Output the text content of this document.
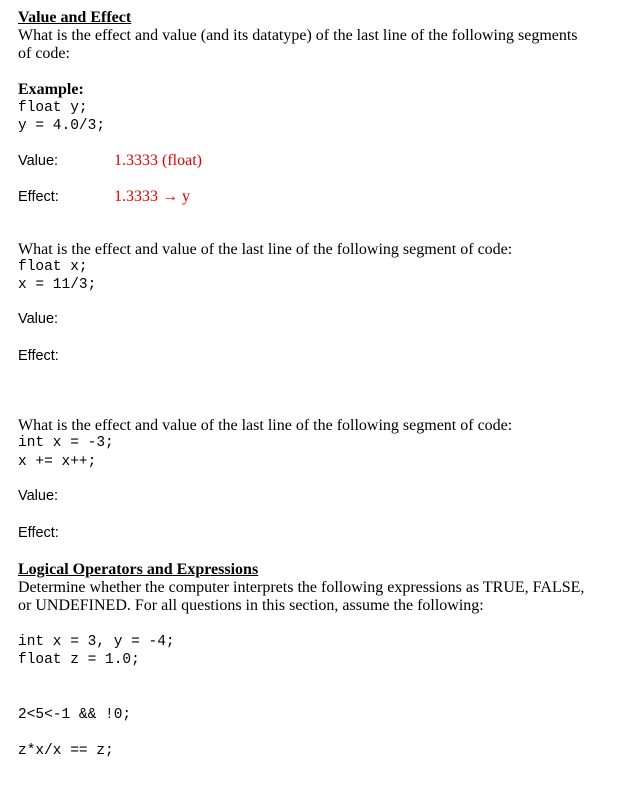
Value and Effect

What is the effect and value (and its datatype) of the last line of the following segments

of code:

Example:

float y;

y = 4.0/3;

Value:	1.3333 (float)

Effect:	1.3333 → y

What is the effect and value of the last line of the following segment of code:

float x;

x = 11/3;

Value:

Effect:

What is the effect and value of the last line of the following segment of code:

int x = -3;

x += x++;

Value:

Effect:

Logical Operators and Expressions

Determine whether the computer interprets the following expressions as TRUE, FALSE,

or UNDEFINED. For all questions in this section, assume the following:

int x = 3, y = -4;

float z = 1.0;

2<5<-1 && !0;

z*x/x == z;
